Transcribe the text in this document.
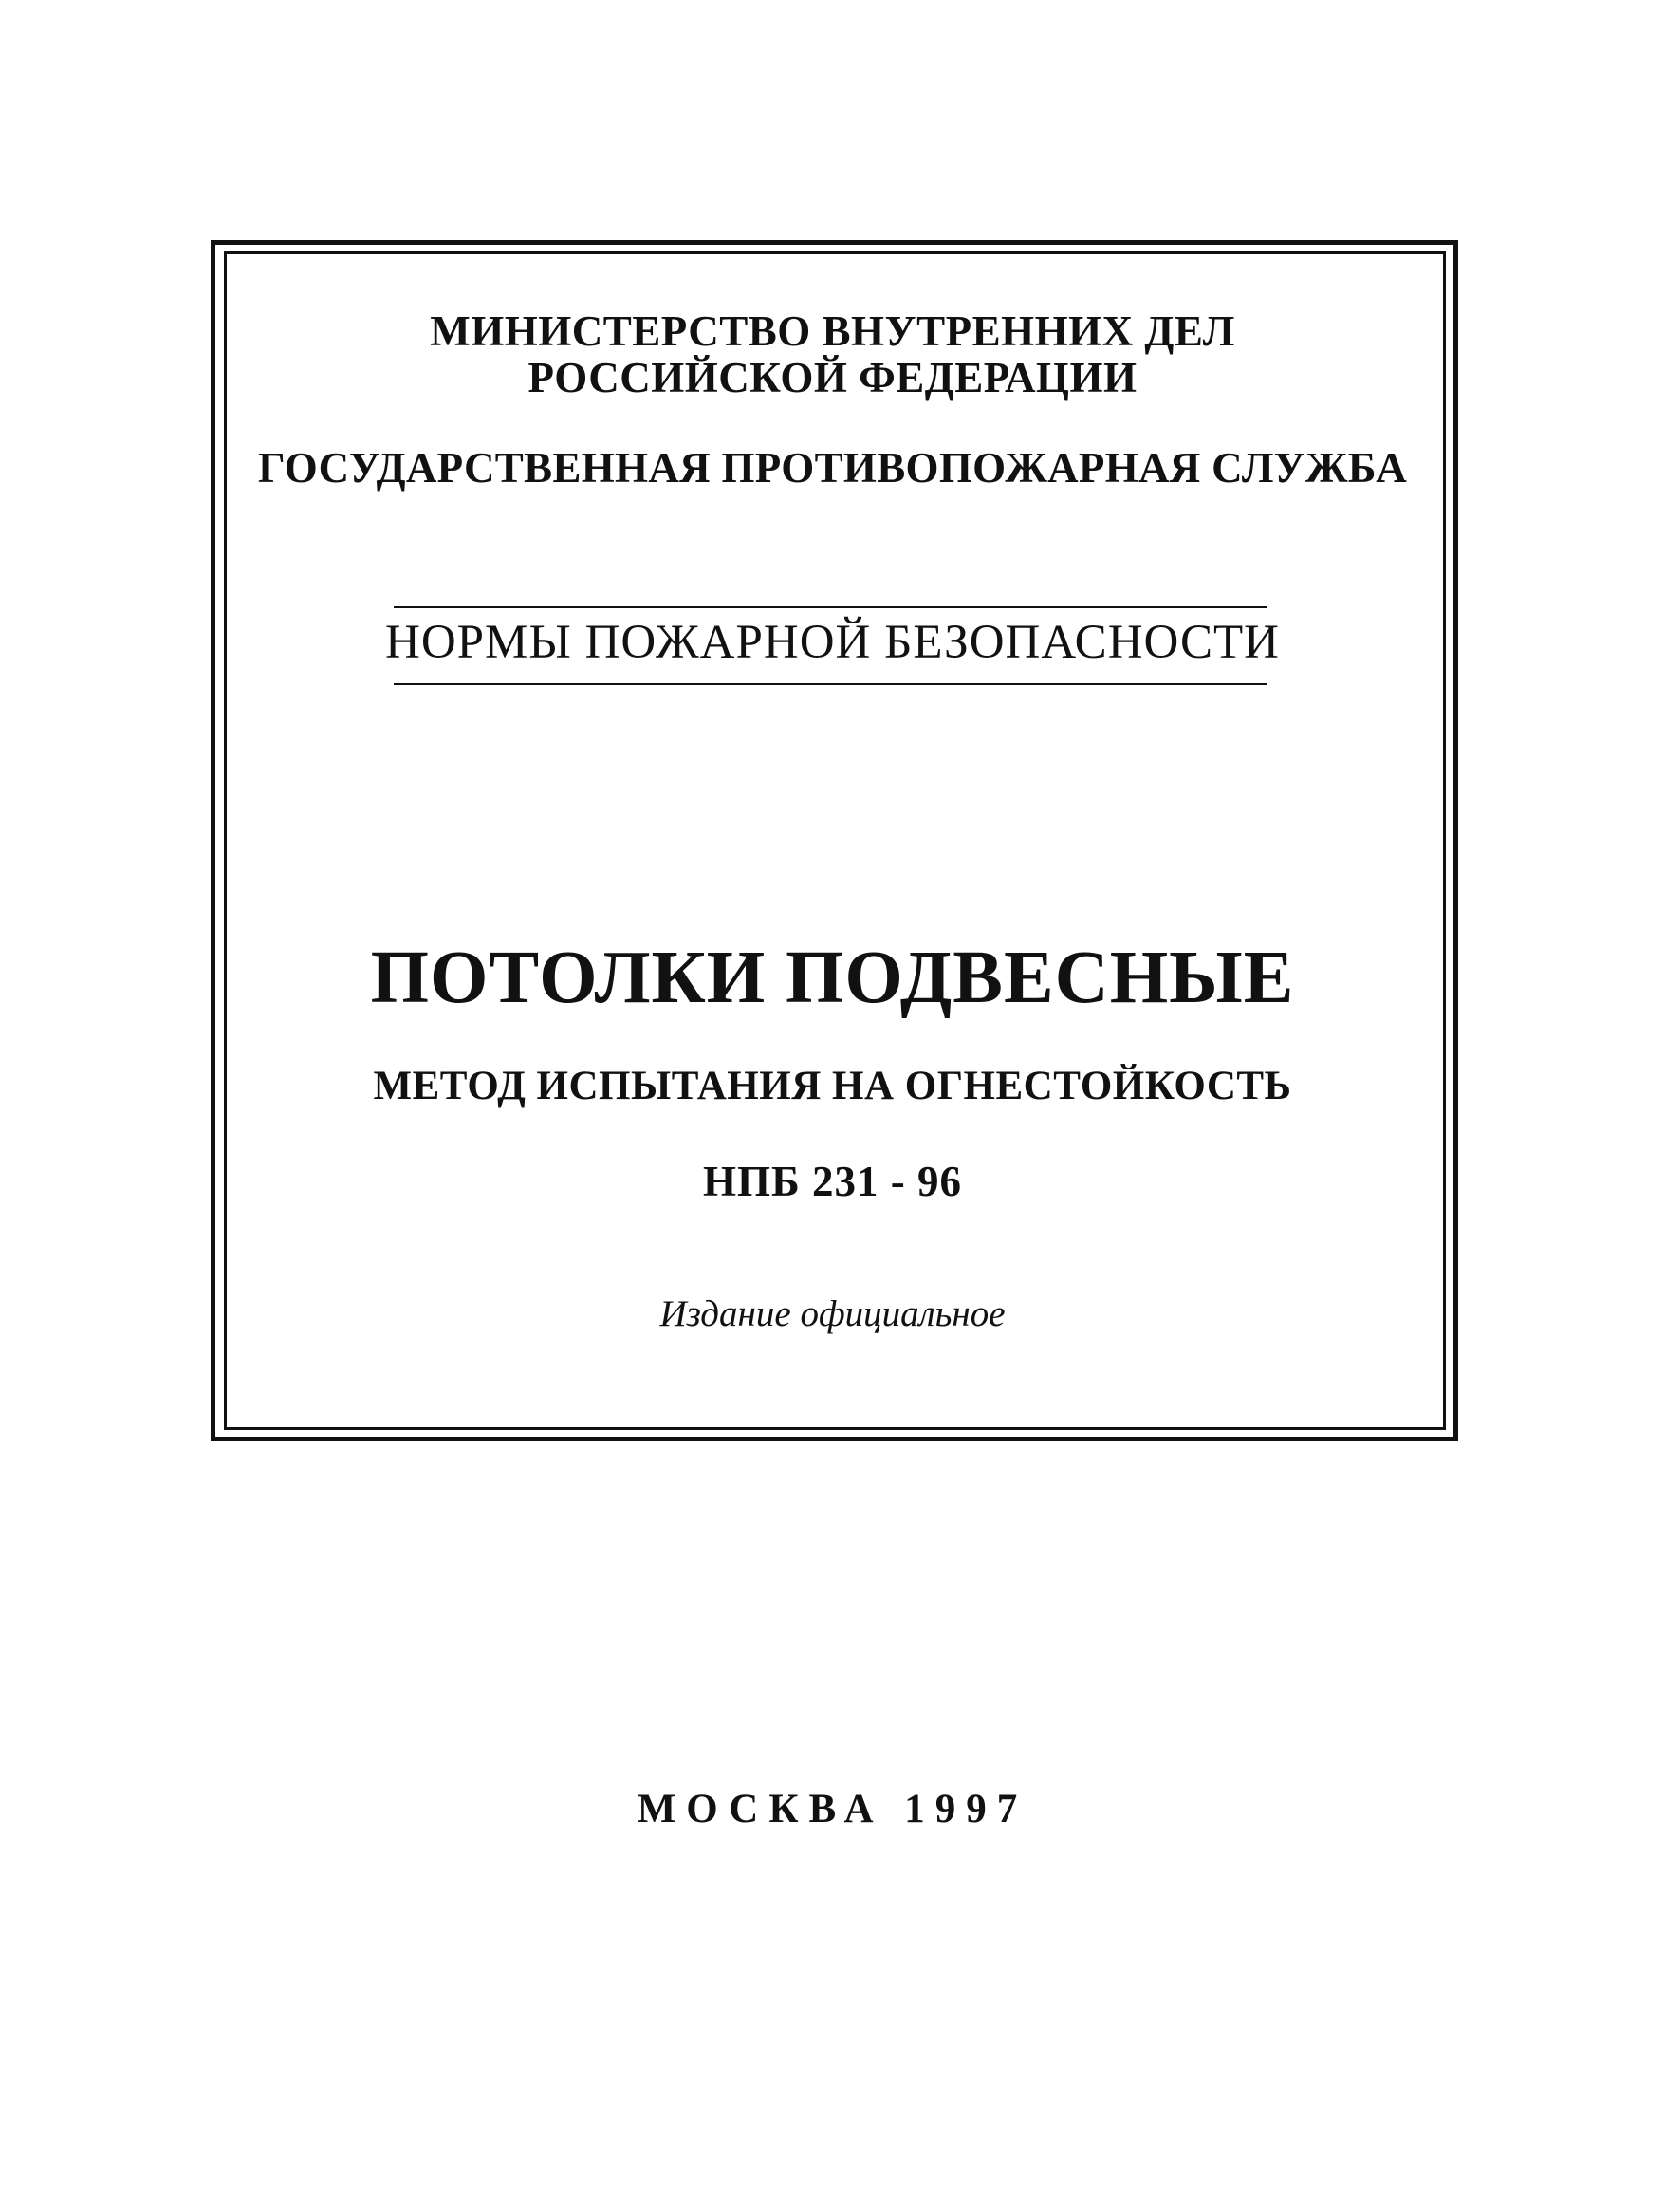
МИНИСТЕРСТВО ВНУТРЕННИХ ДЕЛ
РОССИЙСКОЙ ФЕДЕРАЦИИ
ГОСУДАРСТВЕННАЯ ПРОТИВОПОЖАРНАЯ СЛУЖБА
НОРМЫ ПОЖАРНОЙ БЕЗОПАСНОСТИ
ПОТОЛКИ ПОДВЕСНЫЕ
МЕТОД ИСПЫТАНИЯ НА ОГНЕСТОЙКОСТЬ
НПБ 231 - 96
Издание официальное
МОСКВА 1997
